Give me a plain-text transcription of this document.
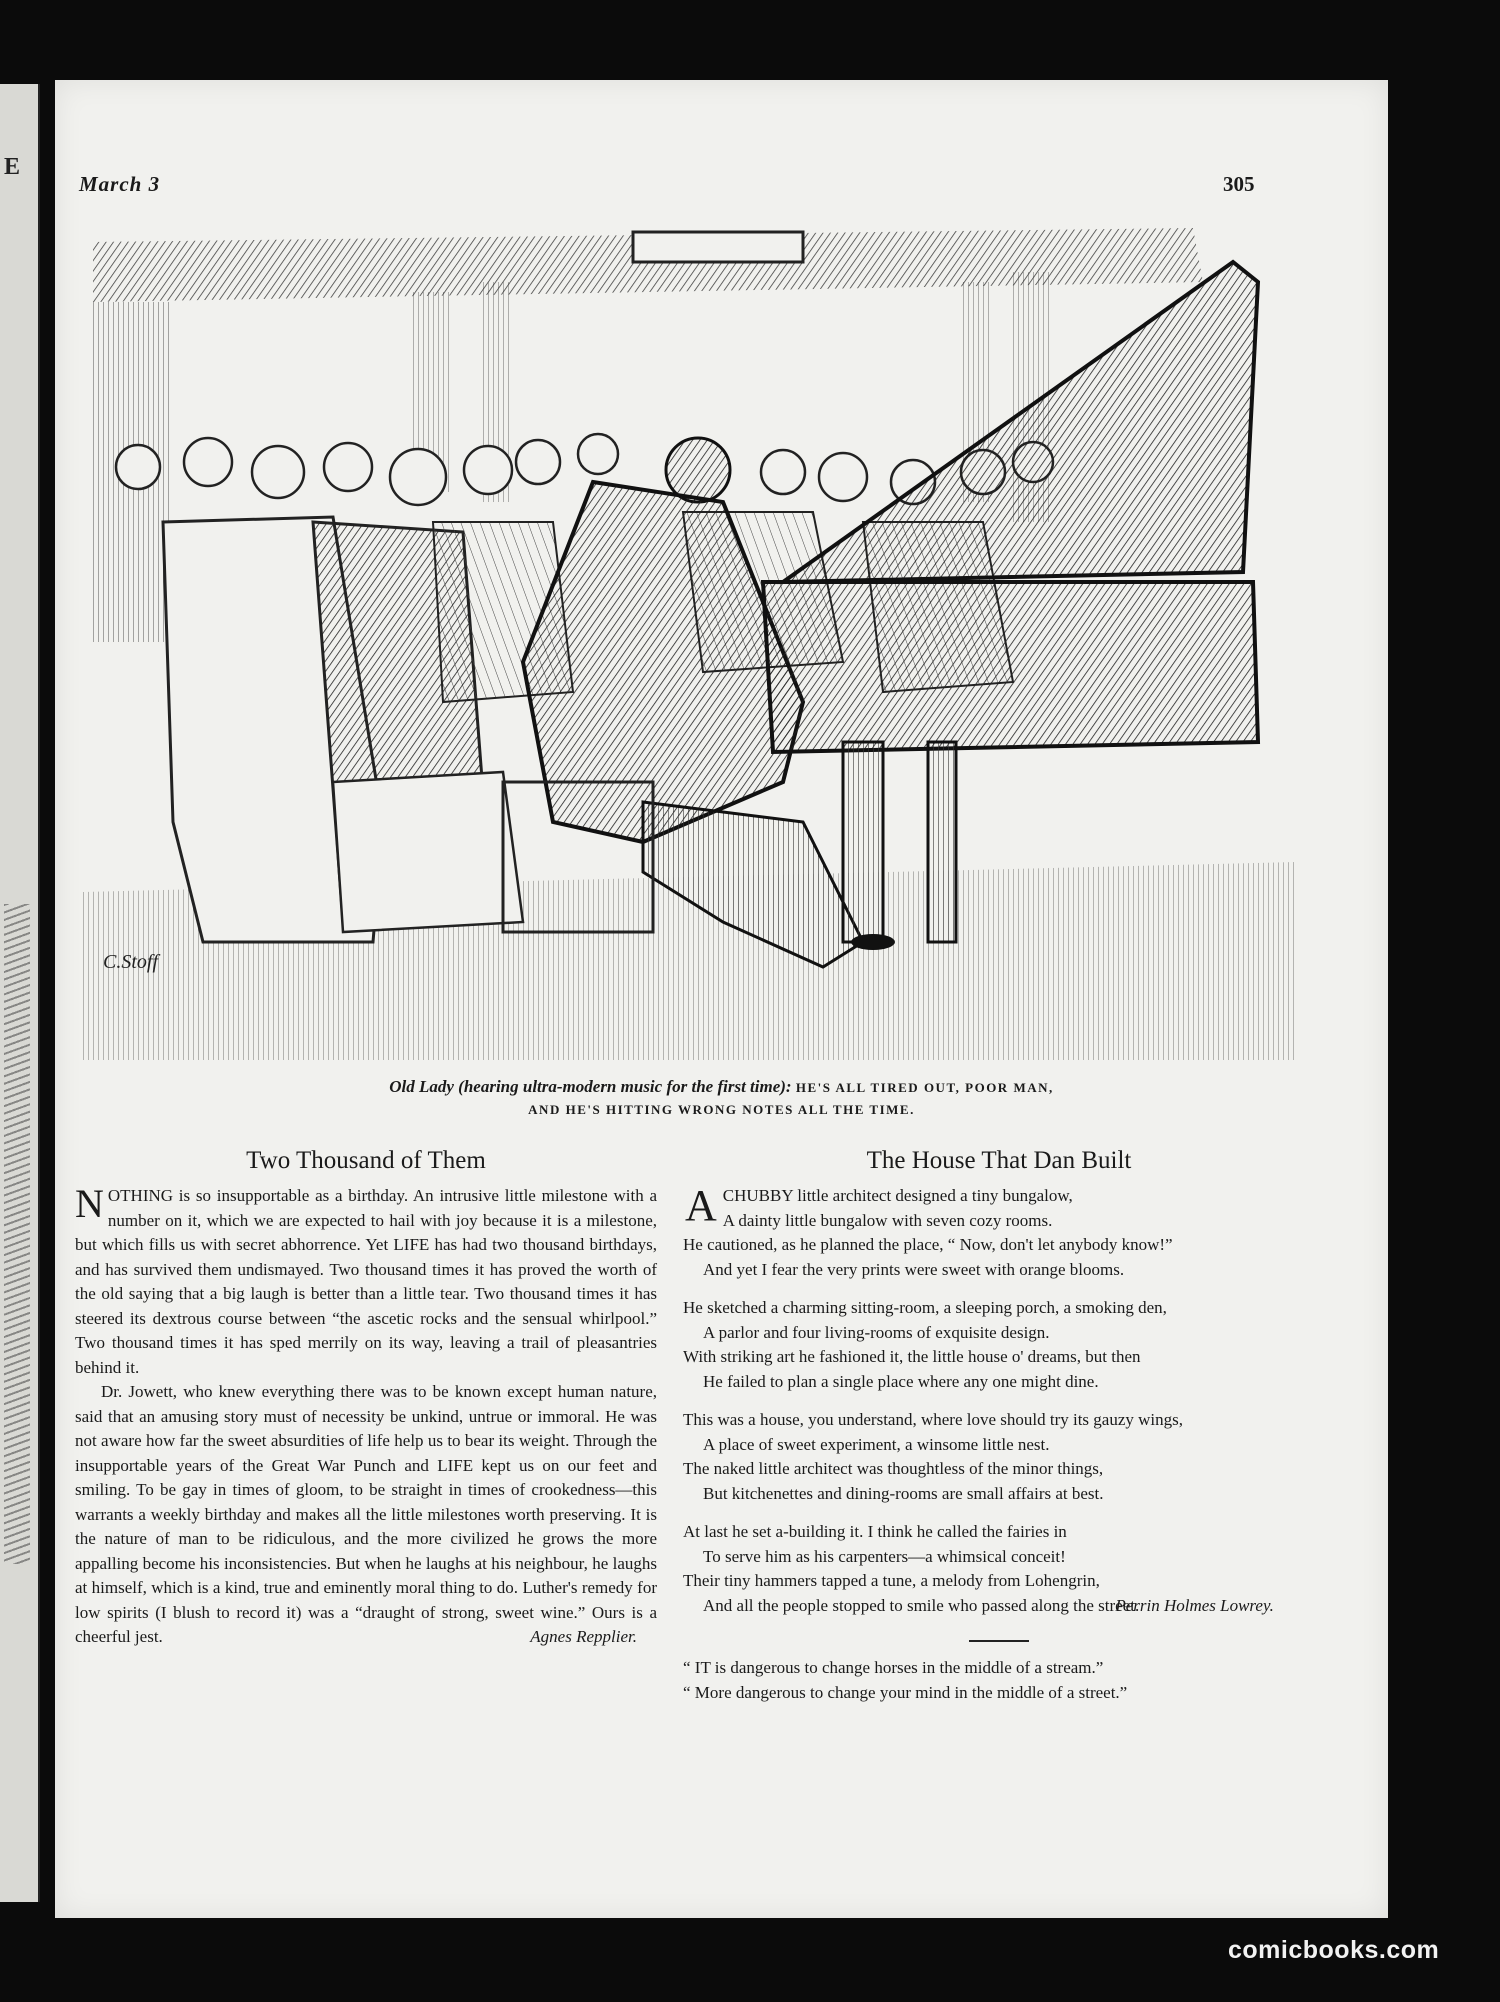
E
March 3	305
C.Stoff
Old Lady (hearing ultra-modern music for the first time): HE'S ALL TIRED OUT, POOR MAN,
AND HE'S HITTING WRONG NOTES ALL THE TIME.
Two Thousand of Them

NOTHING is so insupportable as a birthday. An intrusive little milestone with a number on it, which we are expected to hail with joy because it is a milestone, but which fills us with secret abhorrence. Yet LIFE has had two thousand birthdays, and has survived them undismayed. Two thousand times it has proved the worth of the old saying that a big laugh is better than a little tear. Two thousand times it has steered its dextrous course between “the ascetic rocks and the sensual whirlpool.” Two thousand times it has sped merrily on its way, leaving a trail of pleasantries behind it.

Dr. Jowett, who knew everything there was to be known except human nature, said that an amusing story must of necessity be unkind, untrue or immoral. He was not aware how far the sweet absurdities of life help us to bear its weight. Through the insupportable years of the Great War Punch and LIFE kept us on our feet and smiling. To be gay in times of gloom, to be straight in times of crookedness—this warrants a weekly birthday and makes all the little milestones worth preserving. It is the nature of man to be ridiculous, and the more civilized he grows the more appalling become his inconsistencies. But when he laughs at his neighbour, he laughs at himself, which is a kind, true and eminently moral thing to do. Luther's remedy for low spirits (I blush to record it) was a “draught of strong, sweet wine.” Ours is a cheerful jest.	Agnes Repplier.

The House That Dan Built

ACHUBBY little architect designed a tiny bungalow,

A dainty little bungalow with seven cozy rooms.

He cautioned, as he planned the place, “ Now, don't let anybody know!”

And yet I fear the very prints were sweet with orange blooms.

He sketched a charming sitting-room, a sleeping porch, a smoking den,

A parlor and four living-rooms of exquisite design.

With striking art he fashioned it, the little house o' dreams, but then

He failed to plan a single place where any one might dine.

This was a house, you understand, where love should try its gauzy wings,

A place of sweet experiment, a winsome little nest.

The naked little architect was thoughtless of the minor things,

But kitchenettes and dining-rooms are small affairs at best.

At last he set a-building it. I think he called the fairies in

To serve him as his carpenters—a whimsical conceit!

Their tiny hammers tapped a tune, a melody from Lohengrin,

And all the people stopped to smile who passed along the street.
Perrin Holmes Lowrey.

“ IT is dangerous to change horses in the middle of a stream.”

“ More dangerous to change your mind in the middle of a street.”

comicbooks.com
